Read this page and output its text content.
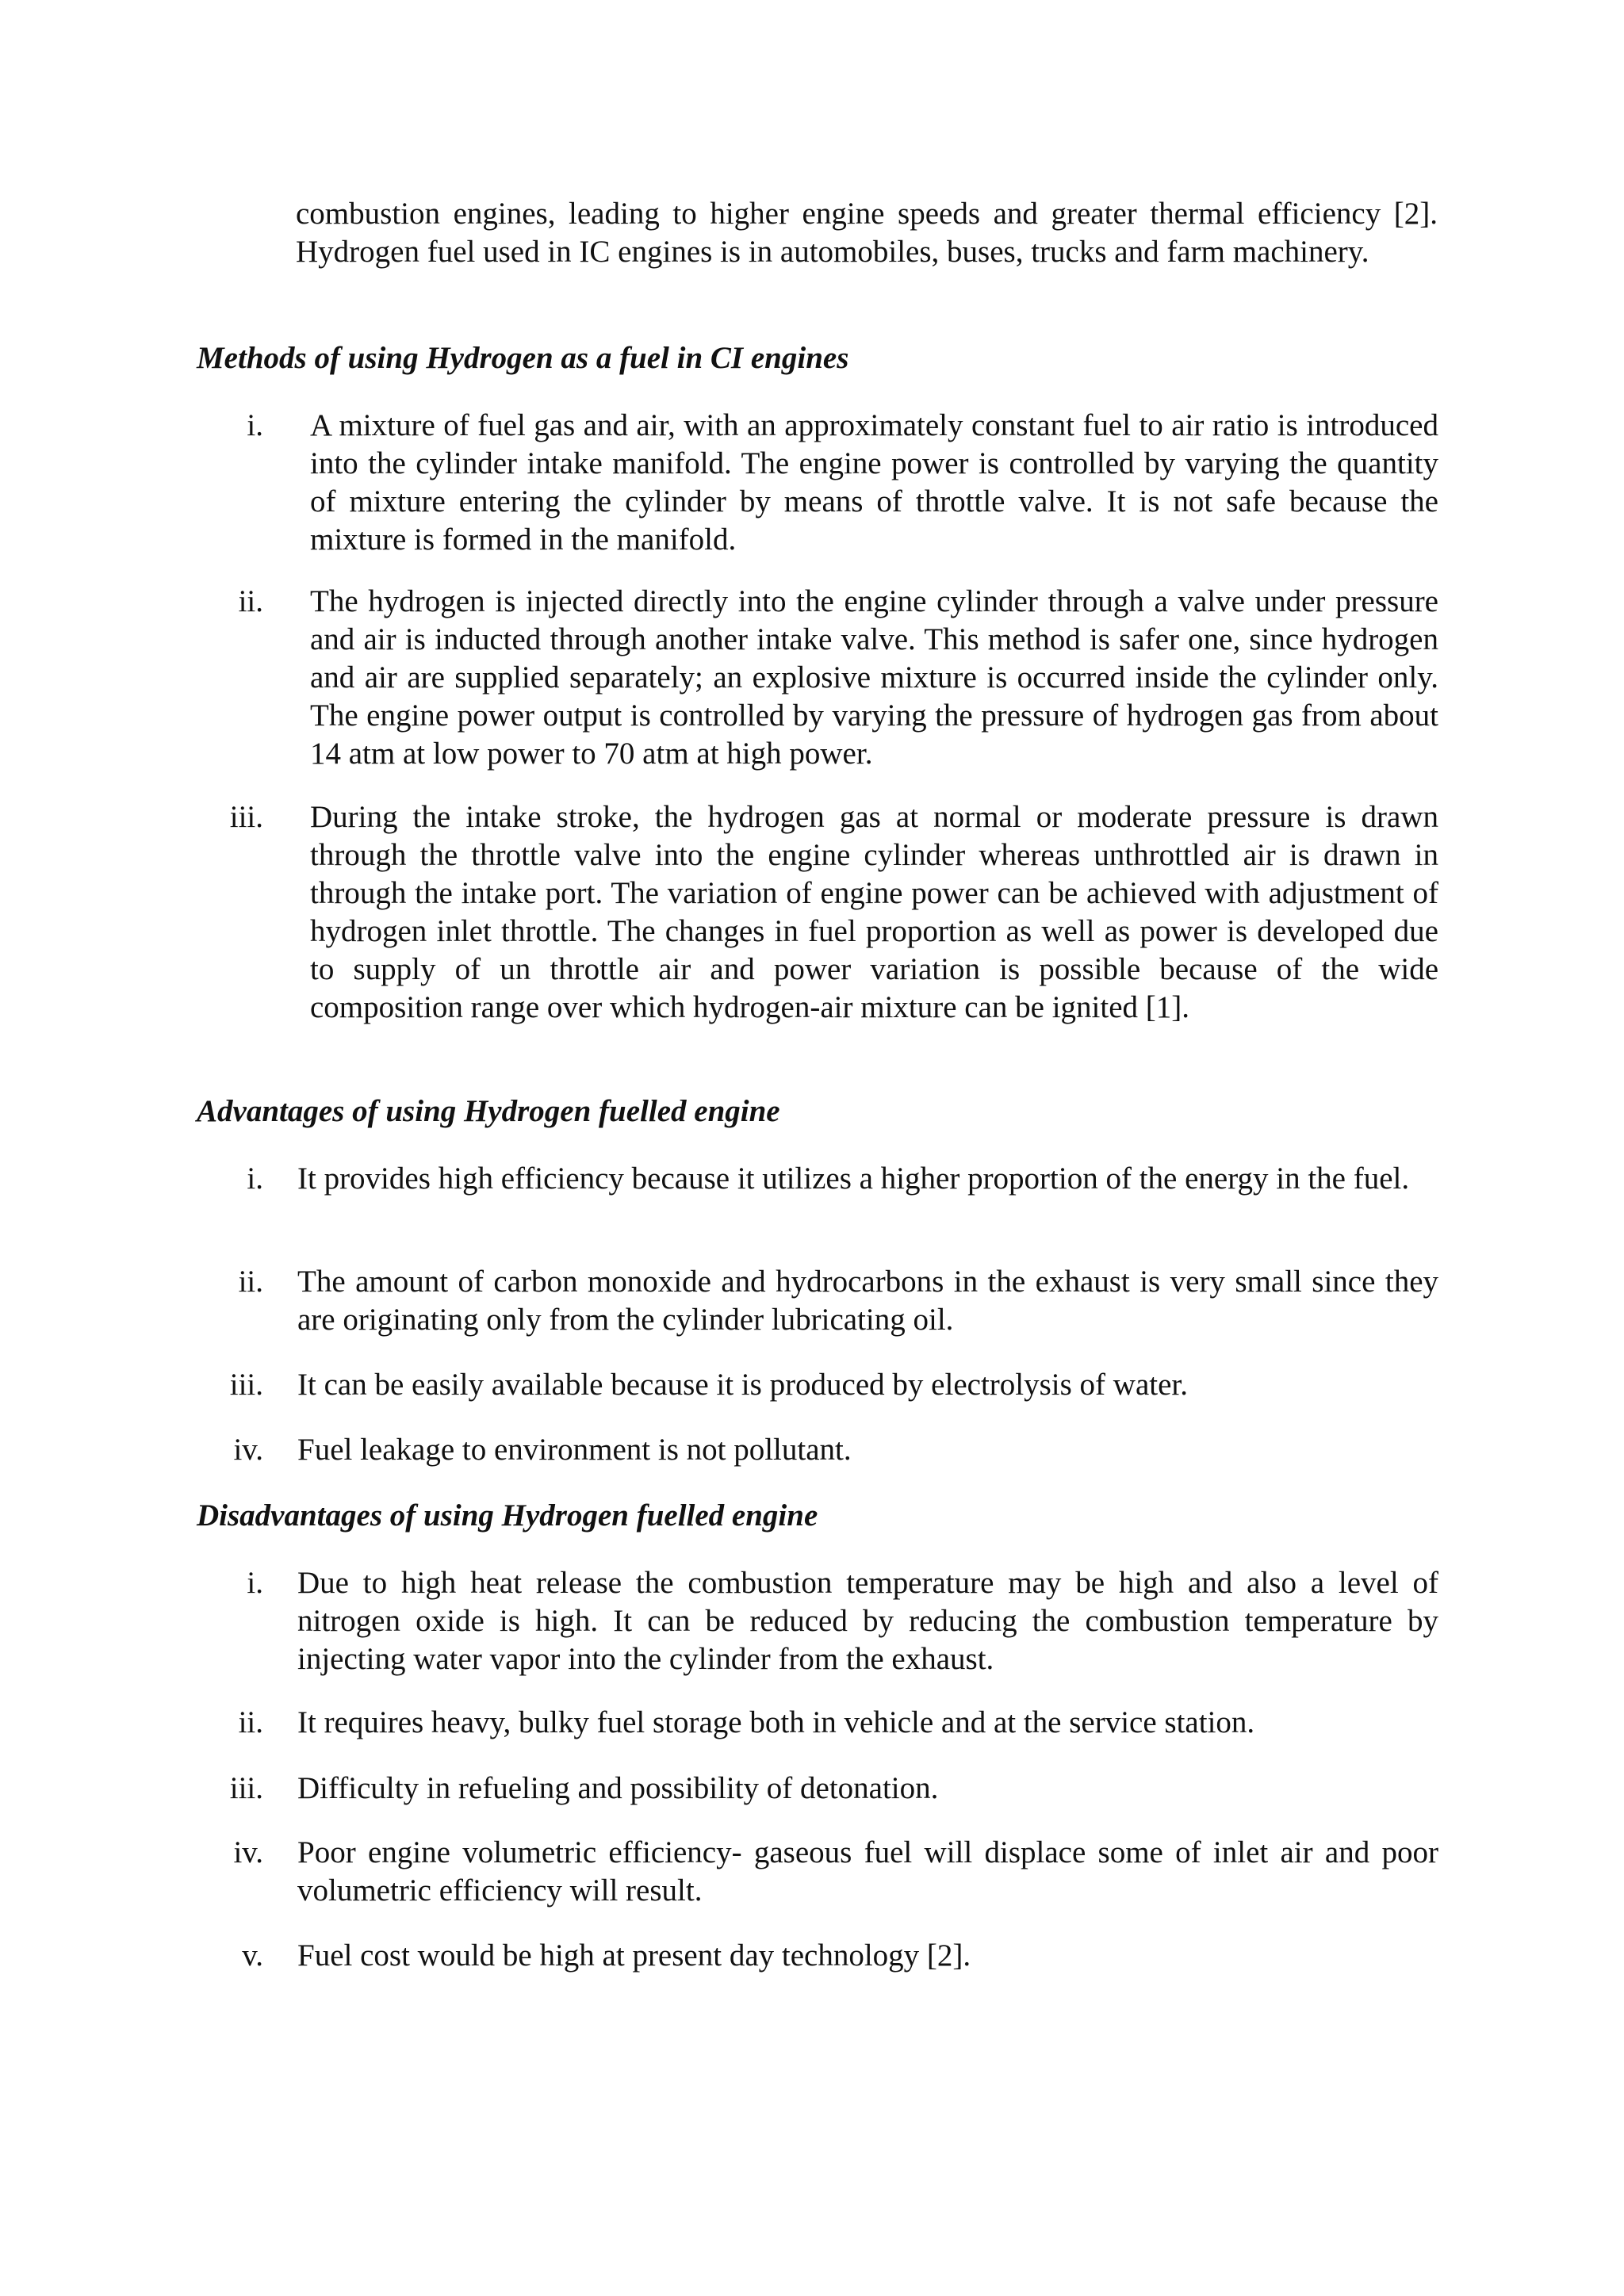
combustion engines, leading to higher engine speeds and greater thermal efficiency [2]. Hydrogen fuel used in IC engines is in automobiles, buses, trucks and farm machinery.

Methods of using Hydrogen as a fuel in CI engines
i. A mixture of fuel gas and air, with an approximately constant fuel to air ratio is introduced into the cylinder intake manifold. The engine power is controlled by varying the quantity of mixture entering the cylinder by means of throttle valve. It is not safe because the mixture is formed in the manifold.
ii. The hydrogen is injected directly into the engine cylinder through a valve under pressure and air is inducted through another intake valve. This method is safer one, since hydrogen and air are supplied separately; an explosive mixture is occurred inside the cylinder only. The engine power output is controlled by varying the pressure of hydrogen gas from about 14 atm at low power to 70 atm at high power.
iii. During the intake stroke, the hydrogen gas at normal or moderate pressure is drawn through the throttle valve into the engine cylinder whereas unthrottled air is drawn in through the intake port. The variation of engine power can be achieved with adjustment of hydrogen inlet throttle. The changes in fuel proportion as well as power is developed due to supply of un throttle air and power variation is possible because of the wide composition range over which hydrogen-air mixture can be ignited [1].
Advantages of using Hydrogen fuelled engine
i. It provides high efficiency because it utilizes a higher proportion of the energy in the fuel.
ii. The amount of carbon monoxide and hydrocarbons in the exhaust is very small since they are originating only from the cylinder lubricating oil.
iii. It can be easily available because it is produced by electrolysis of water.
iv. Fuel leakage to environment is not pollutant.
Disadvantages of using Hydrogen fuelled engine
i. Due to high heat release the combustion temperature may be high and also a level of nitrogen oxide is high. It can be reduced by reducing the combustion temperature by injecting water vapor into the cylinder from the exhaust.
ii. It requires heavy, bulky fuel storage both in vehicle and at the service station.
iii. Difficulty in refueling and possibility of detonation.
iv. Poor engine volumetric efficiency- gaseous fuel will displace some of inlet air and poor volumetric efficiency will result.
v. Fuel cost would be high at present day technology [2].
